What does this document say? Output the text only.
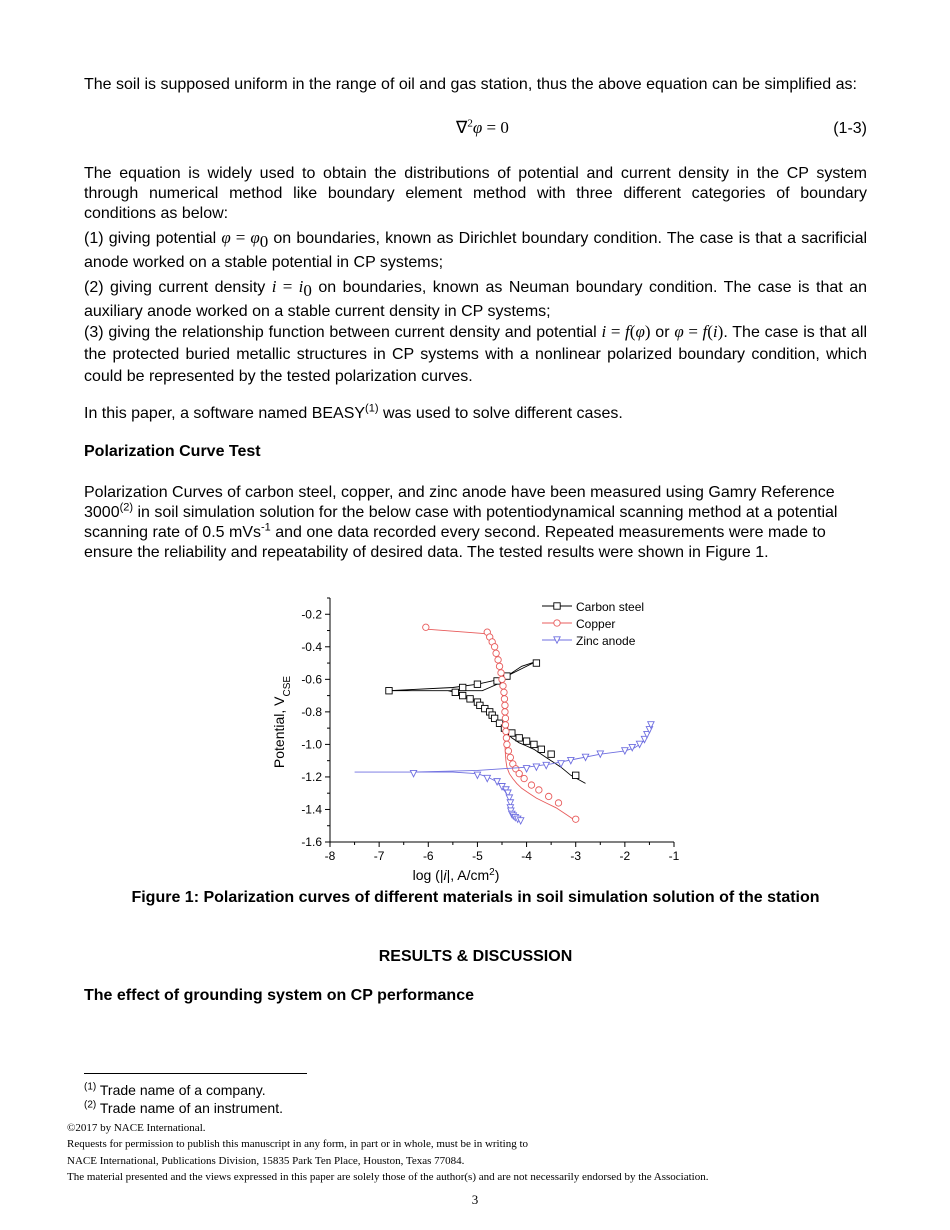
The soil is supposed uniform in the range of oil and gas station, thus the above equation can be simplified as:
∇$^2$φ = 0	(1-3)
The equation is widely used to obtain the distributions of potential and current density in the CP system through numerical method like boundary element method with three different categories of boundary conditions as below:
(1) giving potential $\varphi = \varphi_0$ on boundaries, known as Dirichlet boundary condition. The case is that a sacrificial anode worked on a stable potential in CP systems;
(2) giving current density $i = i_0$ on boundaries, known as Neuman boundary condition. The case is that an auxiliary anode worked on a stable current density in CP systems;
(3) giving the relationship function between current density and potential i = f(φ) or φ = f(i). The case is that all the protected buried metallic structures in CP systems with a nonlinear polarized boundary condition, which could be represented by the tested polarization curves.
In this paper, a software named BEASY$^{(1)}$ was used to solve different cases.
Polarization Curve Test
Polarization Curves of carbon steel, copper, and zinc anode have been measured using Gamry Reference 3000$^{(2)}$ in soil simulation solution for the below case with potentiodynamical scanning method at a potential scanning rate of 0.5 mVs$^{-1}$ and one data recorded every second. Repeated measurements were made to ensure the reliability and repeatability of desired data. The tested results were shown in Figure 1.
-8	-7	-6	-5	-4	-3	-2	-1
-0.2
-0.4
-0.6
-0.8
-1.0
-1.2
-1.4
-1.6
Carbon steel
Copper
Zinc anode
log (|i|, $A/cm^2$)
Potential, $V_{CSE}$
Figure 1: Polarization curves of different materials in soil simulation solution of the station
RESULTS & DISCUSSION
The effect of grounding system on CP performance
$^{(1)}$ Trade name of a company.
$^{(2)}$ Trade name of an instrument.
©2017 by NACE International.
Requests for permission to publish this manuscript in any form, in part or in whole, must be in writing to
NACE International, Publications Division, 15835 Park Ten Place, Houston, Texas 77084.
The material presented and the views expressed in this paper are solely those of the author(s) and are not necessarily endorsed by the Association.
3
